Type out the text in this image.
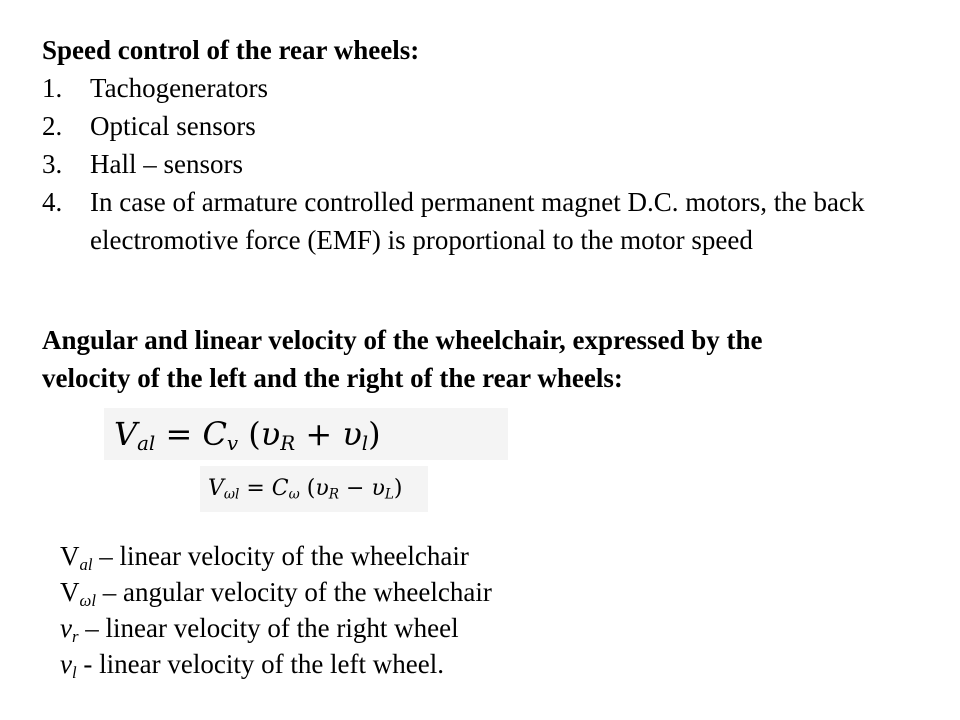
Speed control of the rear wheels:

1. Tachogenerators
2. Optical sensors
3. Hall – sensors
4. In case of armature controlled permanent magnet D.C. motors, the back electromotive force (EMF) is proportional to the motor speed

Angular and linear velocity of the wheelchair, expressed by the
velocity of the left and the right of the rear wheels:

$V_{al} = C_v$ $(\upsilon_R + \upsilon_l)$
$V_{\omega l} = C_\omega$ $(\upsilon_R - \upsilon_L)$
$V_{al}$ – linear velocity of the wheelchair
$V_{\omega l}$ – angular velocity of the wheelchair
$v_r$ – linear velocity of the right wheel
$v_l$ - linear velocity of the left wheel.
